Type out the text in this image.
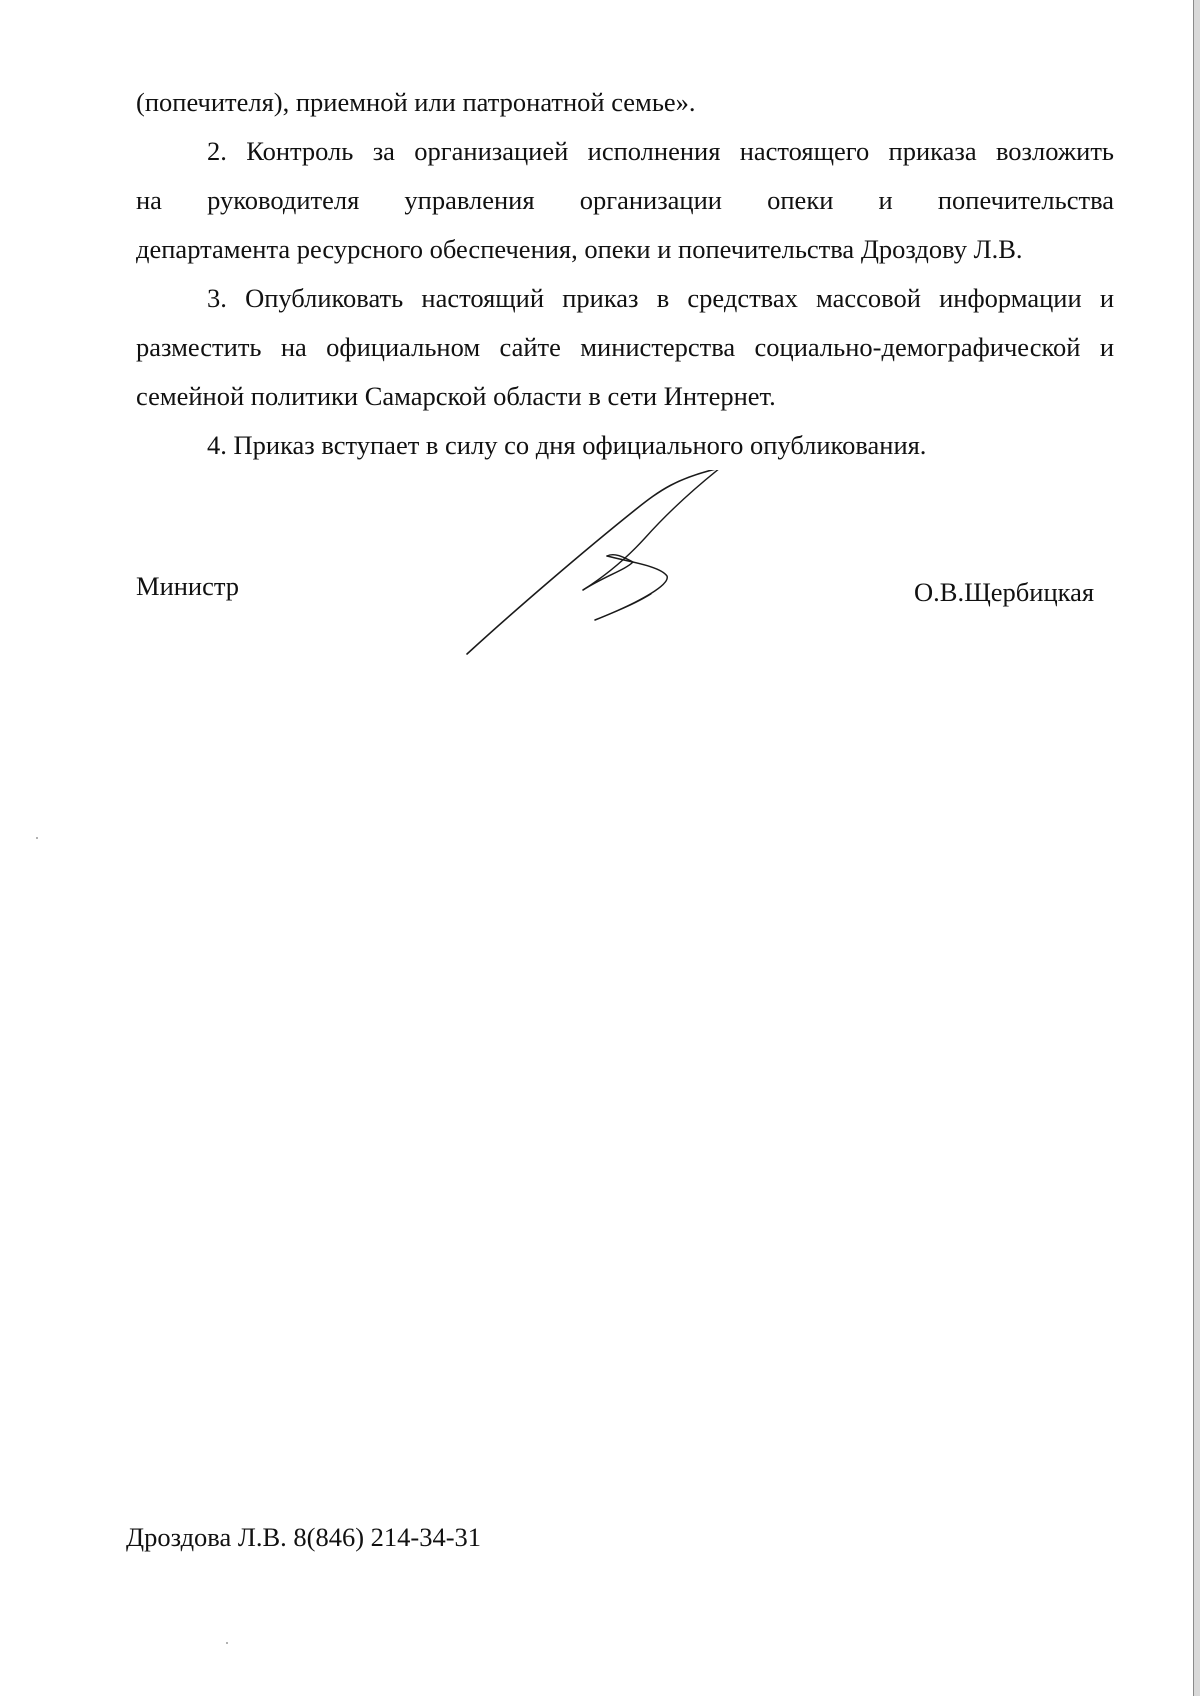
(попечителя), приемной или патронатной семье».

2. Контроль за организацией исполнения настоящего приказа возложить
на руководителя управления организации опеки и попечительства
департамента ресурсного обеспечения, опеки и попечительства Дроздову Л.В.

3. Опубликовать настоящий приказ в средствах массовой информации и
разместить на официальном сайте министерства социально-демографической и
семейной политики Самарской области в сети Интернет.

4. Приказ вступает в силу со дня официального опубликования.

Министр	О.В.Щербицкая
Дроздова Л.В. 8(846) 214-34-31
